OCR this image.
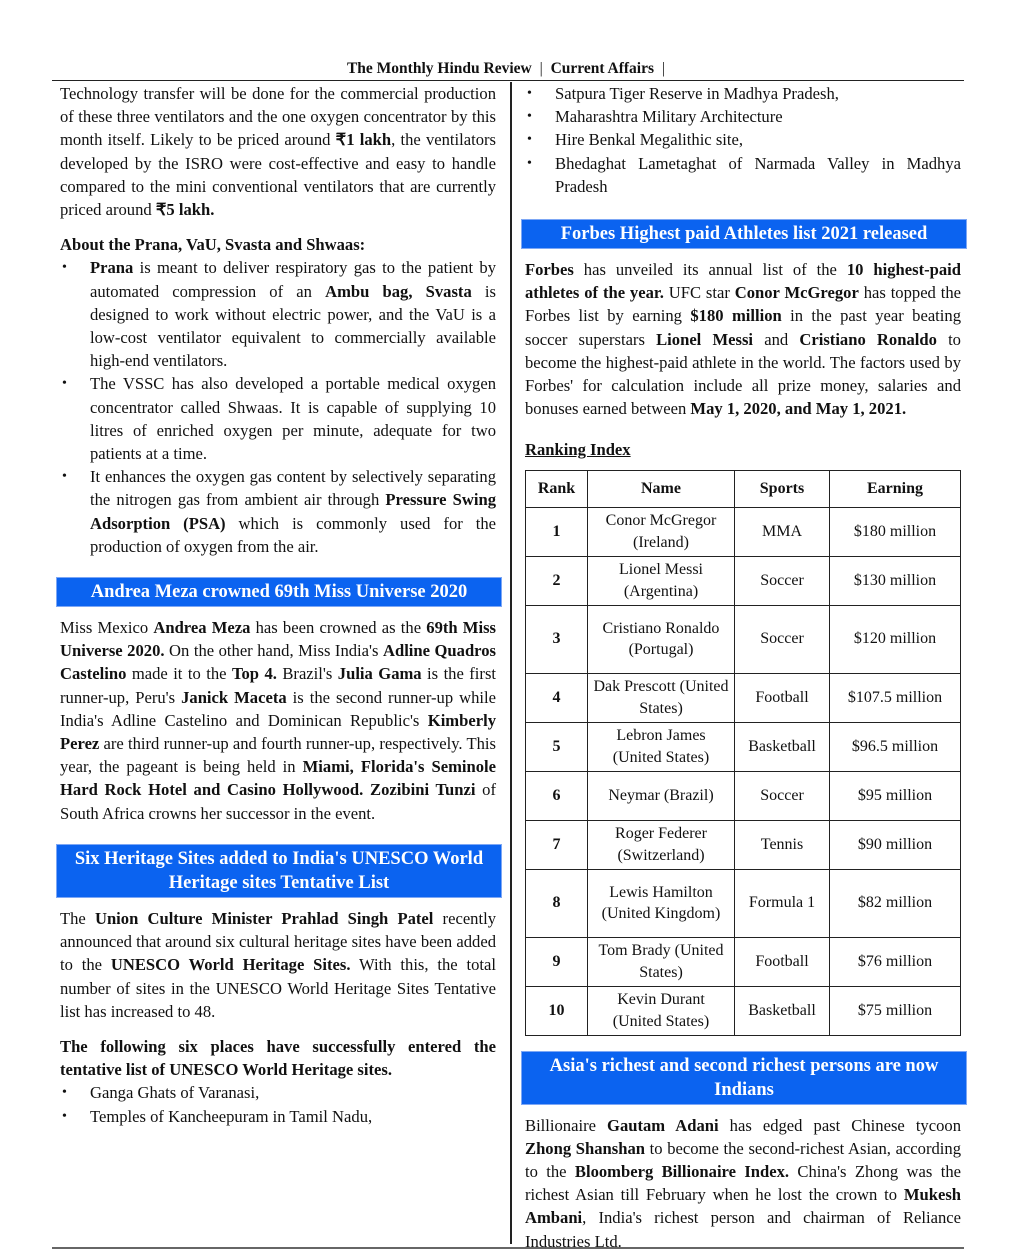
The Monthly Hindu Review | Current Affairs |

Technology transfer will be done for the commercial production of these three ventilators and the one oxygen concentrator by this month itself. Likely to be priced around ₹1 lakh, the ventilators developed by the ISRO were cost-effective and easy to handle compared to the mini conventional ventilators that are currently priced around ₹5 lakh.

About the Prana, VaU, Svasta and Shwaas:
• Prana is meant to deliver respiratory gas to the patient by automated compression of an Ambu bag, Svasta is designed to work without electric power, and the VaU is a low-cost ventilator equivalent to commercially available high-end ventilators.
• The VSSC has also developed a portable medical oxygen concentrator called Shwaas. It is capable of supplying 10 litres of enriched oxygen per minute, adequate for two patients at a time.
• It enhances the oxygen gas content by selectively separating the nitrogen gas from ambient air through Pressure Swing Adsorption (PSA) which is commonly used for the production of oxygen from the air.
Andrea Meza crowned 69th Miss Universe 2020

Miss Mexico Andrea Meza has been crowned as the 69th Miss Universe 2020. On the other hand, Miss India's Adline Quadros Castelino made it to the Top 4. Brazil's Julia Gama is the first runner-up, Peru's Janick Maceta is the second runner-up while India's Adline Castelino and Dominican Republic's Kimberly Perez are third runner-up and fourth runner-up, respectively. This year, the pageant is being held in Miami, Florida's Seminole Hard Rock Hotel and Casino Hollywood. Zozibini Tunzi of South Africa crowns her successor in the event.

Six Heritage Sites added to India's UNESCO World Heritage sites Tentative List

The Union Culture Minister Prahlad Singh Patel recently announced that around six cultural heritage sites have been added to the UNESCO World Heritage Sites. With this, the total number of sites in the UNESCO World Heritage Sites Tentative list has increased to 48.

The following six places have successfully entered the tentative list of UNESCO World Heritage sites.
• Ganga Ghats of Varanasi,
• Temples of Kancheepuram in Tamil Nadu,
• Satpura Tiger Reserve in Madhya Pradesh,
• Maharashtra Military Architecture
• Hire Benkal Megalithic site,
• Bhedaghat Lametaghat of Narmada Valley in Madhya Pradesh
Forbes Highest paid Athletes list 2021 released

Forbes has unveiled its annual list of the 10 highest-paid athletes of the year. UFC star Conor McGregor has topped the Forbes list by earning $180 million in the past year beating soccer superstars Lionel Messi and Cristiano Ronaldo to become the highest-paid athlete in the world. The factors used by Forbes' for calculation include all prize money, salaries and bonuses earned between May 1, 2020, and May 1, 2021.

Ranking Index
Rank	Name	Sports	Earning
1	Conor McGregor (Ireland)	MMA	$180 million
2	Lionel Messi (Argentina)	Soccer	$130 million
3	Cristiano Ronaldo (Portugal)	Soccer	$120 million
4	Dak Prescott (United States)	Football	$107.5 million
5	Lebron James (United States)	Basketball	$96.5 million
6	Neymar (Brazil)	Soccer	$95 million
7	Roger Federer (Switzerland)	Tennis	$90 million
8	Lewis Hamilton (United Kingdom)	Formula 1	$82 million
9	Tom Brady (United States)	Football	$76 million
10	Kevin Durant (United States)	Basketball	$75 million
Asia's richest and second richest persons are now Indians

Billionaire Gautam Adani has edged past Chinese tycoon Zhong Shanshan to become the second-richest Asian, according to the Bloomberg Billionaire Index. China's Zhong was the richest Asian till February when he lost the crown to Mukesh Ambani, India's richest person and chairman of Reliance Industries Ltd.
